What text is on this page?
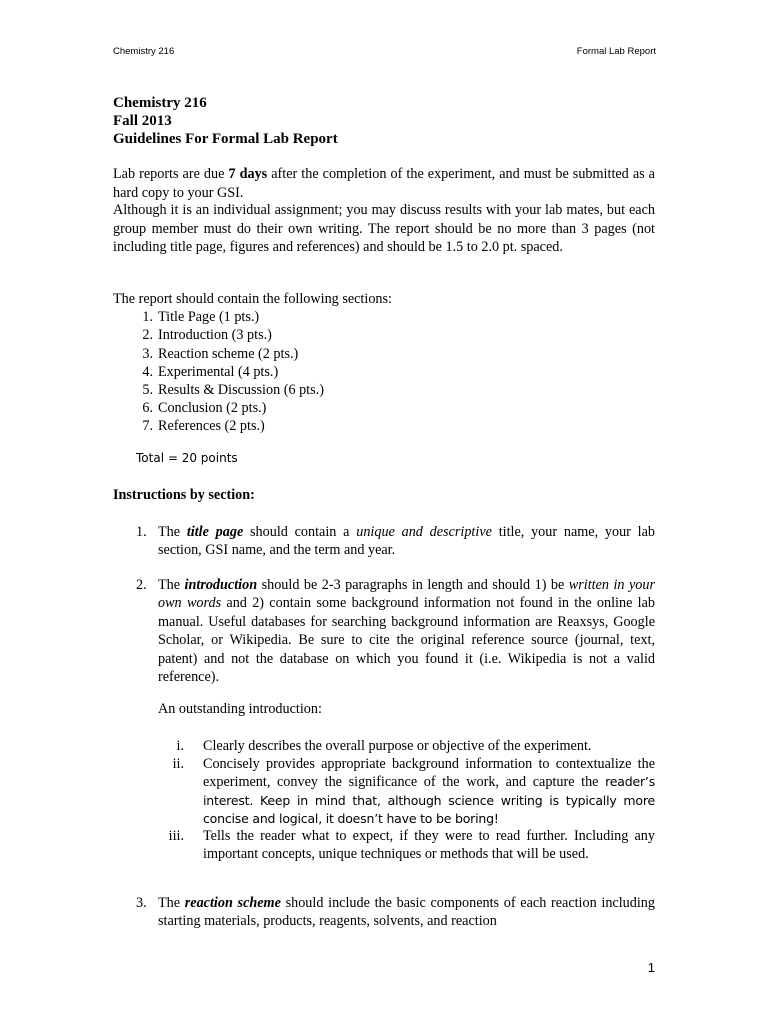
Chemistry 216	Formal Lab Report
Chemistry 216
Fall 2013
Guidelines For Formal Lab Report
Lab reports are due 7 days after the completion of the experiment, and must be submitted as a hard copy to your GSI.
Although it is an individual assignment; you may discuss results with your lab mates, but each group member must do their own writing. The report should be no more than 3 pages (not including title page, figures and references) and should be 1.5 to 2.0 pt. spaced.
The report should contain the following sections:
1. Title Page (1 pts.)
2. Introduction (3 pts.)
3. Reaction scheme (2 pts.)
4. Experimental (4 pts.)
5. Results & Discussion (6 pts.)
6. Conclusion (2 pts.)
7. References (2 pts.)
Total = 20 points
Instructions by section:
1. The title page should contain a unique and descriptive title, your name, your lab section, GSI name, and the term and year.
2. The introduction should be 2-3 paragraphs in length and should 1) be written in your own words and 2) contain some background information not found in the online lab manual. Useful databases for searching background information are Reaxsys, Google Scholar, or Wikipedia. Be sure to cite the original reference source (journal, text, patent) and not the database on which you found it (i.e. Wikipedia is not a valid reference).
An outstanding introduction:
i. Clearly describes the overall purpose or objective of the experiment.
ii. Concisely provides appropriate background information to contextualize the experiment, convey the significance of the work, and capture the reader’s interest. Keep in mind that, although science writing is typically more concise and logical, it doesn’t have to be boring!
iii. Tells the reader what to expect, if they were to read further. Including any important concepts, unique techniques or methods that will be used.
3. The reaction scheme should include the basic components of each reaction including starting materials, products, reagents, solvents, and reaction
1
